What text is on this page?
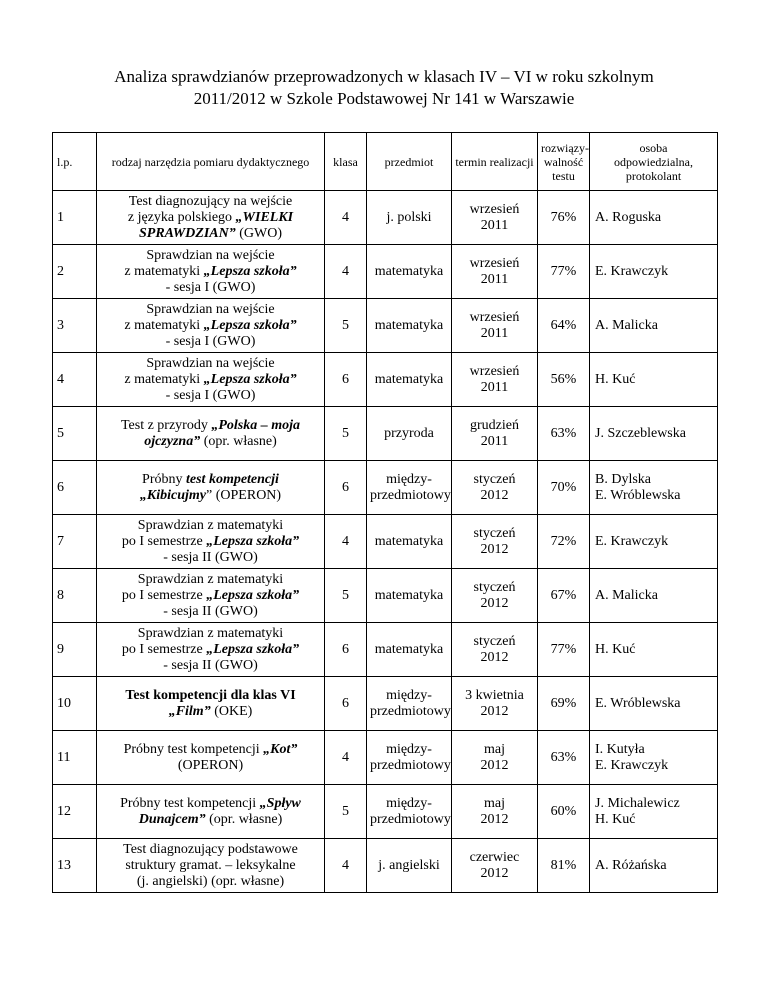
Analiza sprawdzianów przeprowadzonych w klasach IV – VI w roku szkolnym
2011/2012 w Szkole Podstawowej Nr 141 w Warszawie
l.p.	rodzaj narzędzia pomiaru dydaktycznego	klasa	przedmiot	termin realizacji	rozwiązy-
walność
testu	osoba
odpowiedzialna,
protokolant
1	Test diagnozujący na wejście
z języka polskiego „WIELKI
SPRAWDZIAN” (GWO)	4	j. polski	wrzesień
2011	76%	A. Roguska
2	Sprawdzian na wejście
z matematyki „Lepsza szkoła”
- sesja I (GWO)	4	matematyka	wrzesień
2011	77%	E. Krawczyk
3	Sprawdzian na wejście
z matematyki „Lepsza szkoła”
- sesja I (GWO)	5	matematyka	wrzesień
2011	64%	A. Malicka
4	Sprawdzian na wejście
z matematyki „Lepsza szkoła”
- sesja I (GWO)	6	matematyka	wrzesień
2011	56%	H. Kuć
5	Test z przyrody „Polska – moja
ojczyzna” (opr. własne)	5	przyroda	grudzień
2011	63%	J. Szczeblewska
6	Próbny test kompetencji
„Kibicujmy” (OPERON)	6	między-
przedmiotowy	styczeń
2012	70%	B. Dylska
E. Wróblewska
7	Sprawdzian z matematyki
po I semestrze „Lepsza szkoła”
- sesja II (GWO)	4	matematyka	styczeń
2012	72%	E. Krawczyk
8	Sprawdzian z matematyki
po I semestrze „Lepsza szkoła”
- sesja II (GWO)	5	matematyka	styczeń
2012	67%	A. Malicka
9	Sprawdzian z matematyki
po I semestrze „Lepsza szkoła”
- sesja II (GWO)	6	matematyka	styczeń
2012	77%	H. Kuć
10	Test kompetencji dla klas VI
„Film” (OKE)	6	między-
przedmiotowy	3 kwietnia
2012	69%	E. Wróblewska
11	Próbny test kompetencji „Kot”
(OPERON)	4	między-
przedmiotowy	maj
2012	63%	I. Kutyła
E. Krawczyk
12	Próbny test kompetencji „Spływ
Dunajcem” (opr. własne)	5	między-
przedmiotowy	maj
2012	60%	J. Michalewicz
H. Kuć
13	Test diagnozujący podstawowe
struktury gramat. – leksykalne
(j. angielski) (opr. własne)	4	j. angielski	czerwiec
2012	81%	A. Różańska
